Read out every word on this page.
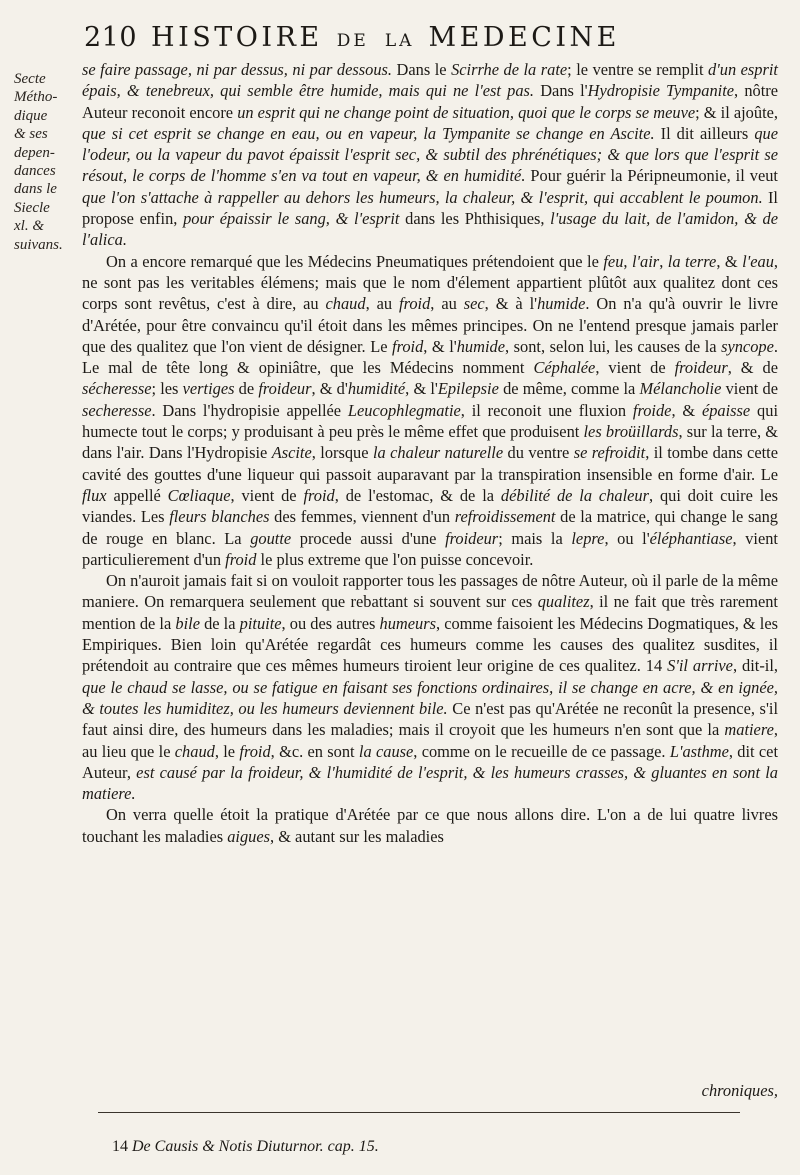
210 HISTOIRE DE LA MEDECINE
Secte
Métho-
dique
& ses
depen-
dances
dans le
Siecle
xl. &
suivans.

se faire passage, ni par dessus, ni par dessous. Dans le Scirrhe de la rate; le ventre se remplit d'un esprit épais, & tenebreux, qui semble être humide, mais qui ne l'est pas. Dans l'Hydropisie Tympanite, nôtre Auteur reconoit encore un esprit qui ne change point de situation, quoi que le corps se meuve; & il ajoûte, que si cet esprit se change en eau, ou en vapeur, la Tympanite se change en Ascite. Il dit ailleurs que l'odeur, ou la vapeur du pavot épaissit l'esprit sec, & subtil des phrénétiques; & que lors que l'esprit se résout, le corps de l'homme s'en va tout en vapeur, & en humidité. Pour guérir la Péripneumonie, il veut que l'on s'attache à rappeller au dehors les humeurs, la chaleur, & l'esprit, qui accablent le poumon. Il propose enfin, pour épaissir le sang, & l'esprit dans les Phthisiques, l'usage du lait, de l'amidon, & de l'alica.

On a encore remarqué que les Médecins Pneumatiques prétendoient que le feu, l'air, la terre, & l'eau, ne sont pas les veritables élémens; mais que le nom d'élement appartient plûtôt aux qualitez dont ces corps sont revêtus, c'est à dire, au chaud, au froid, au sec, & à l'humide. On n'a qu'à ouvrir le livre d'Arétée, pour être convaincu qu'il étoit dans les mêmes principes. On ne l'entend presque jamais parler que des qualitez que l'on vient de désigner. Le froid, & l'humide, sont, selon lui, les causes de la syncope. Le mal de tête long & opiniâtre, que les Médecins nomment Céphalée, vient de froideur, & de sécheresse; les vertiges de froideur, & d'humidité, & l'Epilepsie de même, comme la Mélancholie vient de secheresse. Dans l'hydropisie appellée Leucophlegmatie, il reconoit une fluxion froide, & épaisse qui humecte tout le corps; y produisant à peu près le même effet que produisent les broüillards, sur la terre, & dans l'air. Dans l'Hydropisie Ascite, lorsque la chaleur naturelle du ventre se refroidit, il tombe dans cette cavité des gouttes d'une liqueur qui passoit auparavant par la transpiration insensible en forme d'air. Le flux appellé Cœliaque, vient de froid, de l'estomac, & de la débilité de la chaleur, qui doit cuire les viandes. Les fleurs blanches des femmes, viennent d'un refroidissement de la matrice, qui change le sang de rouge en blanc. La goutte procede aussi d'une froideur; mais la lepre, ou l'éléphantiase, vient particulierement d'un froid le plus extreme que l'on puisse concevoir.

On n'auroit jamais fait si on vouloit rapporter tous les passages de nôtre Auteur, où il parle de la même maniere. On remarquera seulement que rebattant si souvent sur ces qualitez, il ne fait que très rarement mention de la bile de la pituite, ou des autres humeurs, comme faisoient les Médecins Dogmatiques, & les Empiriques. Bien loin qu'Arétée regardât ces humeurs comme les causes des qualitez susdites, il prétendoit au contraire que ces mêmes humeurs tiroient leur origine de ces qualitez. 14 S'il arrive, dit-il, que le chaud se lasse, ou se fatigue en faisant ses fonctions ordinaires, il se change en acre, & en ignée, & toutes les humiditez, ou les humeurs deviennent bile. Ce n'est pas qu'Arétée ne reconût la presence, s'il faut ainsi dire, des humeurs dans les maladies; mais il croyoit que les humeurs n'en sont que la matiere, au lieu que le chaud, le froid, &c. en sont la cause, comme on le recueille de ce passage. L'asthme, dit cet Auteur, est causé par la froideur, & l'humidité de l'esprit, & les humeurs crasses, & gluantes en sont la matiere.

On verra quelle étoit la pratique d'Arétée par ce que nous allons dire. L'on a de lui quatre livres touchant les maladies aigues, & autant sur les maladies

chroniques,
14 De Causis & Notis Diuturnor. cap. 15.
